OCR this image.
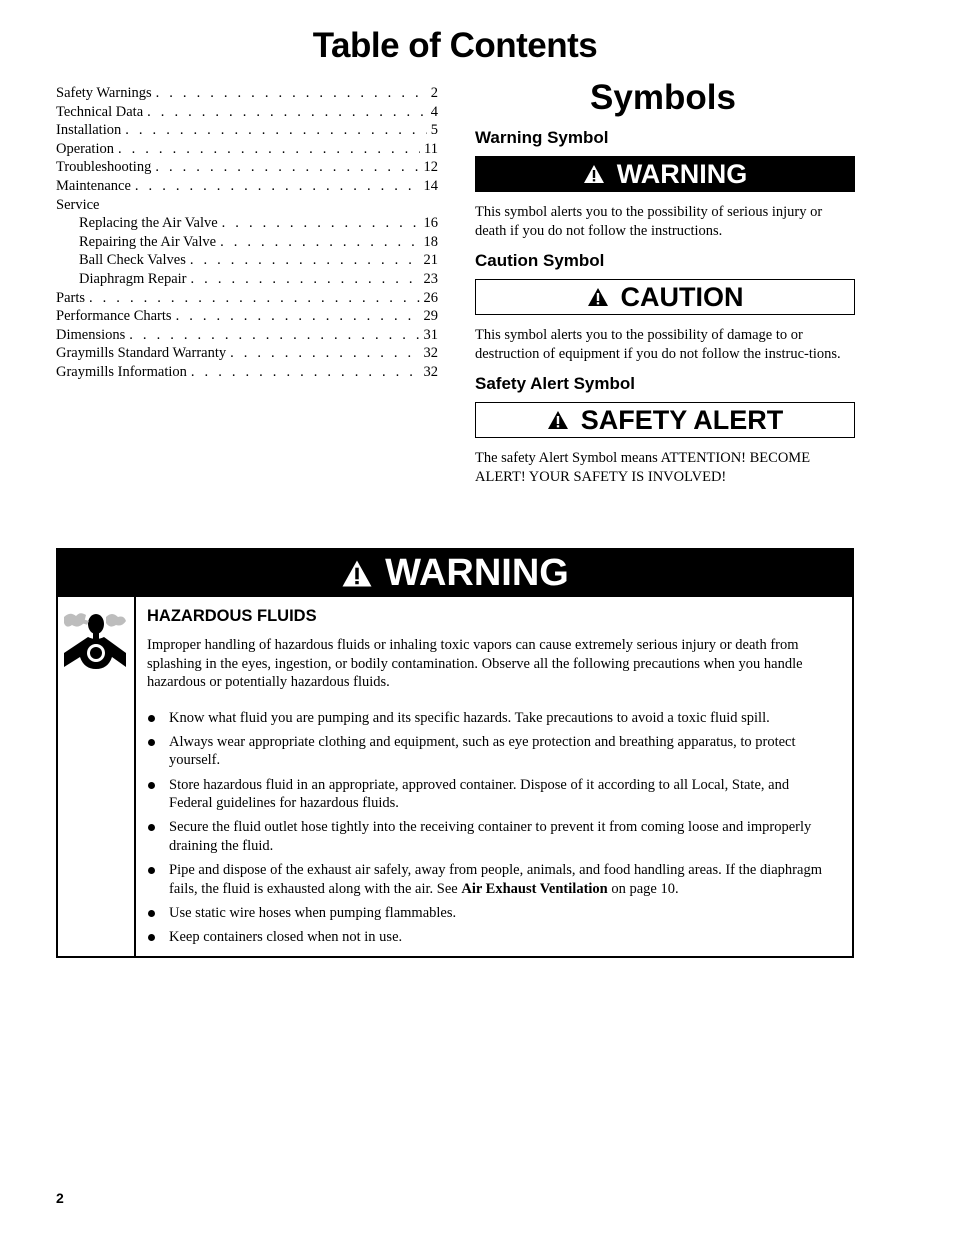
Table of Contents
Safety Warnings . . .	2
Technical Data . . .	4
Installation . . .	5
Operation . . .	11
Troubleshooting . . .	12
Maintenance . . .	14
Service
Replacing the Air Valve . . .	16
Repairing the Air Valve . . .	18
Ball Check Valves . . .	21
Diaphragm Repair . . .	23
Parts . . .	26
Performance Charts . . .	29
Dimensions . . .	31
Graymills Standard Warranty . . .	32
Graymills Information . . .	32
Symbols
Warning Symbol
WARNING

This symbol alerts you to the possibility of serious injury or death if you do not follow the instructions.

Caution Symbol
CAUTION

This symbol alerts you to the possibility of damage to or destruction of equipment if you do not follow the instruc-tions.

Safety Alert Symbol
SAFETY ALERT

The safety Alert Symbol means ATTENTION! BECOME ALERT! YOUR SAFETY IS INVOLVED!

WARNING
HAZARDOUS FLUIDS

Improper handling of hazardous fluids or inhaling toxic vapors can cause extremely serious injury or death from splashing in the eyes, ingestion, or bodily contamination. Observe all the following precautions when you handle hazardous or potentially hazardous fluids.

Know what fluid you are pumping and its specific hazards. Take precautions to avoid a toxic fluid spill.
Always wear appropriate clothing and equipment, such as eye protection and breathing apparatus, to protect yourself.
Store hazardous fluid in an appropriate, approved container. Dispose of it according to all Local, State, and Federal guidelines for hazardous fluids.
Secure the fluid outlet hose tightly into the receiving container to prevent it from coming loose and improperly draining the fluid.
Pipe and dispose of the exhaust air safely, away from people, animals, and food handling areas. If the diaphragm fails, the fluid is exhausted along with the air. See Air Exhaust Ventilation on page 10.
Use static wire hoses when pumping flammables.
Keep containers closed when not in use.
2
